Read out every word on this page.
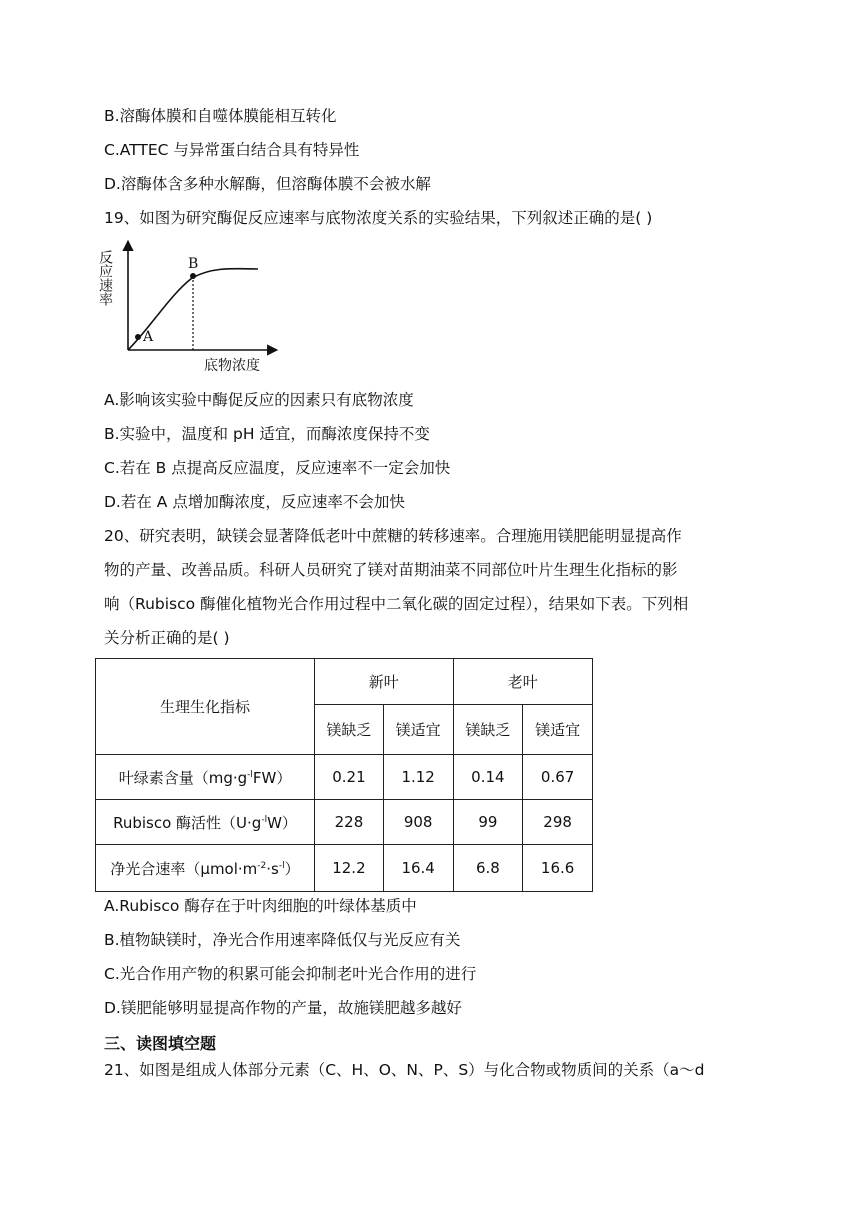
B.溶酶体膜和自噬体膜能相互转化
C.ATTEC 与异常蛋白结合具有特异性
D.溶酶体含多种水解酶，但溶酶体膜不会被水解
19、如图为研究酶促反应速率与底物浓度关系的实验结果，下列叙述正确的是( )
A
B
反应速率
底物浓度
A.影响该实验中酶促反应的因素只有底物浓度
B.实验中，温度和 pH 适宜，而酶浓度保持不变
C.若在 B 点提高反应温度，反应速率不一定会加快
D.若在 A 点增加酶浓度，反应速率不会加快
20、研究表明，缺镁会显著降低老叶中蔗糖的转移速率。合理施用镁肥能明显提高作
物的产量、改善品质。科研人员研究了镁对苗期油菜不同部位叶片生理生化指标的影
响（Rubisco 酶催化植物光合作用过程中二氧化碳的固定过程），结果如下表。下列相
关分析正确的是( )
生理生化指标	新叶		老叶	
	镁缺乏	镁适宜	镁缺乏	镁适宜
叶绿素含量$(mg\cdot g^{-l}FW)$	0.21	1.12	0.14	0.67
Rubisco 酶活性$(U\cdot g^{-l}W)$	228	908	99	298
净光合速率$(\mu mol\cdot m^{-2}\cdot s^{-l})$	12.2	16.4	6.8	16.6
A.Rubisco 酶存在于叶肉细胞的叶绿体基质中
B.植物缺镁时，净光合作用速率降低仅与光反应有关
C.光合作用产物的积累可能会抑制老叶光合作用的进行
D.镁肥能够明显提高作物的产量，故施镁肥越多越好
三、读图填空题
21、如图是组成人体部分元素（C、H、O、N、P、S）与化合物或物质间的关系（a～d
